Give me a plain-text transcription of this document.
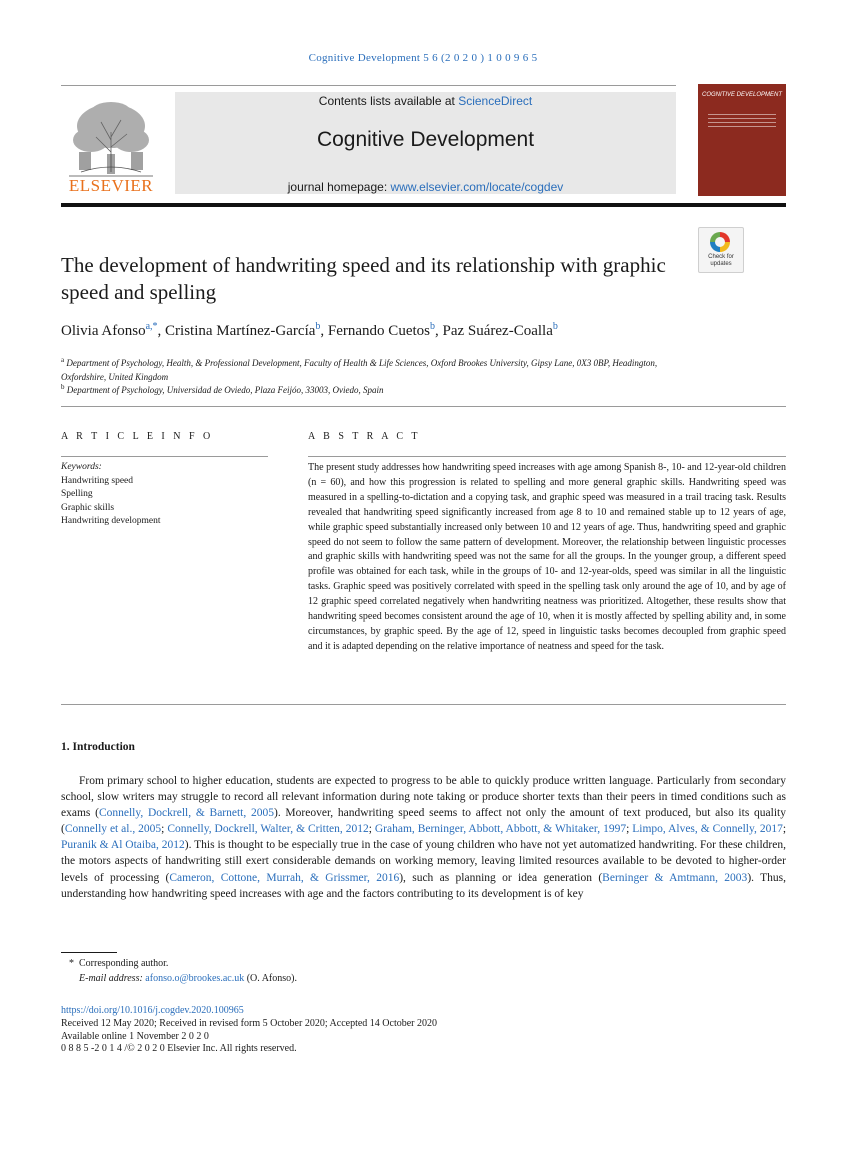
Cognitive Development 5 6 (2 0 2 0 ) 1 0 0 9 6 5
ELSEVIER
Contents lists available at ScienceDirect
Cognitive Development
journal homepage: www.elsevier.com/locate/cogdev
COGNITIVE DEVELOPMENT
The development of handwriting speed and its relationship with graphic speed and spelling
Check for
updates
Olivia Afonso$^{a,*}$, Cristina Martínez-García$^b$, Fernando Cuetos$^b$, Paz Suárez-Coalla$^b$
$^a$ Department of Psychology, Health, & Professional Development, Faculty of Health & Life Sciences, Oxford Brookes University, Gipsy Lane, 0X3 0BP, Headington, Oxfordshire, United Kingdom
$^b$ Department of Psychology, Universidad de Oviedo, Plaza Feijóo, 33003, Oviedo, Spain
A R T I C L E I N F O	A B S T R A C T
Keywords:
Handwriting speed
Spelling
Graphic skills
Handwriting development
The present study addresses how handwriting speed increases with age among Spanish 8-, 10- and 12-year-old children (n = 60), and how this progression is related to spelling and more general graphic skills. Handwriting speed was measured in a spelling-to-dictation and a copying task, and graphic speed was measured in a trail tracing task. Results revealed that handwriting speed significantly increased from age 8 to 10 and remained stable up to 12 years of age, while graphic speed substantially increased only between 10 and 12 years of age. Thus, handwriting speed and graphic speed do not seem to follow the same pattern of development. Moreover, the relationship between linguistic processes and graphic skills with handwriting speed was not the same for all the groups. In the younger group, a different speed profile was obtained for each task, while in the groups of 10- and 12-year-olds, speed was similar in all the linguistic tasks. Graphic speed was positively correlated with speed in the spelling task only around the age of 10, and by age of 12 graphic speed correlated negatively when handwriting neatness was prioritized. Altogether, these results show that handwriting speed becomes consistent around the age of 10, when it is mostly affected by spelling ability and, in some circumstances, by graphic speed. By the age of 12, speed in linguistic tasks becomes decoupled from graphic speed and it is adapted depending on the relative importance of neatness and speed for the task.
1. Introduction
From primary school to higher education, students are expected to progress to be able to quickly produce written language. Particularly from secondary school, slow writers may struggle to record all relevant information during note taking or produce shorter texts than their peers in timed conditions such as exams (Connelly, Dockrell, & Barnett, 2005). Moreover, handwriting speed seems to affect not only the amount of text produced, but also its quality (Connelly et al., 2005; Connelly, Dockrell, Walter, & Critten, 2012; Graham, Berninger, Abbott, Abbott, & Whitaker, 1997; Limpo, Alves, & Connelly, 2017; Puranik & Al Otaiba, 2012). This is thought to be especially true in the case of young children who have not yet automatized handwriting. For these children, the motors aspects of handwriting still exert considerable demands on working memory, leaving limited resources available to be devoted to higher-order levels of processing (Cameron, Cottone, Murrah, & Grissmer, 2016), such as planning or idea generation (Berninger & Amtmann, 2003). Thus, understanding how handwriting speed increases with age and the factors contributing to its development is of key
* Corresponding author.
E-mail address: afonso.o@brookes.ac.uk (O. Afonso).
https://doi.org/10.1016/j.cogdev.2020.100965
Received 12 May 2020; Received in revised form 5 October 2020; Accepted 14 October 2020
Available online 1 November 2 0 2 0
0 8 8 5 -2 0 1 4 /© 2 0 2 0 Elsevier Inc. All rights reserved.
